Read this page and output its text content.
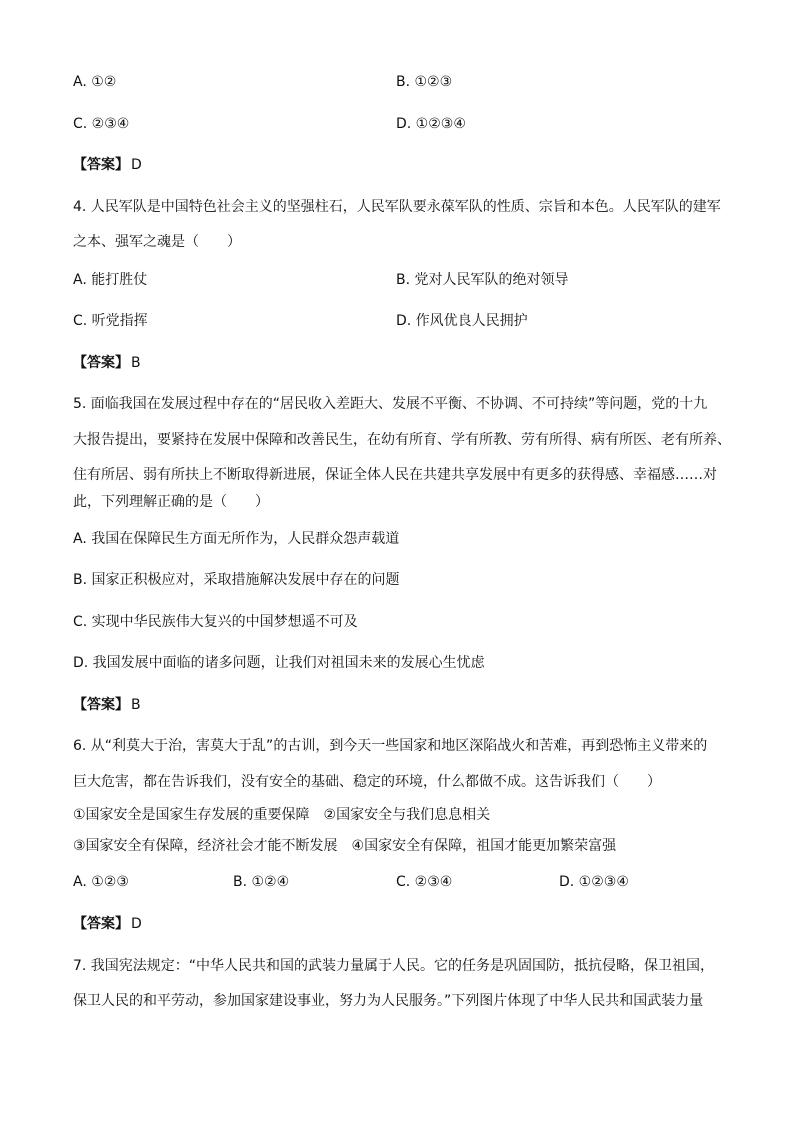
A. ①②	B. ①②③
C. ②③④	D. ①②③④
【答案】 D
4. 人民军队是中国特色社会主义的坚强柱石，人民军队要永葆军队的性质、宗旨和本色。人民军队的建军
之本、强军之魂是（　　）
A. 能打胜仗	B. 党对人民军队的绝对领导
C. 听党指挥	D. 作风优良人民拥护
【答案】 B
5. 面临我国在发展过程中存在的“居民收入差距大、发展不平衡、不协调、不可持续”等问题，党的十九
大报告提出，要紧持在发展中保障和改善民生，在幼有所育、学有所教、劳有所得、病有所医、老有所养、
住有所居、弱有所扶上不断取得新进展，保证全体人民在共建共享发展中有更多的获得感、幸福感……对
此，下列理解正确的是（　　）
A. 我国在保障民生方面无所作为，人民群众怨声载道
B. 国家正积极应对，采取措施解决发展中存在的问题
C. 实现中华民族伟大复兴的中国梦想遥不可及
D. 我国发展中面临的诸多问题，让我们对祖国未来的发展心生忧虑
【答案】 B
6. 从“利莫大于治，害莫大于乱”的古训，到今天一些国家和地区深陷战火和苦难，再到恐怖主义带来的
巨大危害，都在告诉我们，没有安全的基础、稳定的环境，什么都做不成。这告诉我们（　　）
①国家安全是国家生存发展的重要保障　②国家安全与我们息息相关
③国家安全有保障，经济社会才能不断发展　④国家安全有保障，祖国才能更加繁荣富强
A. ①②③	B. ①②④	C. ②③④	D. ①②③④
【答案】 D
7. 我国宪法规定：“中华人民共和国的武装力量属于人民。它的任务是巩固国防，抵抗侵略，保卫祖国，
保卫人民的和平劳动，参加国家建设事业，努力为人民服务。”下列图片体现了中华人民共和国武装力量
